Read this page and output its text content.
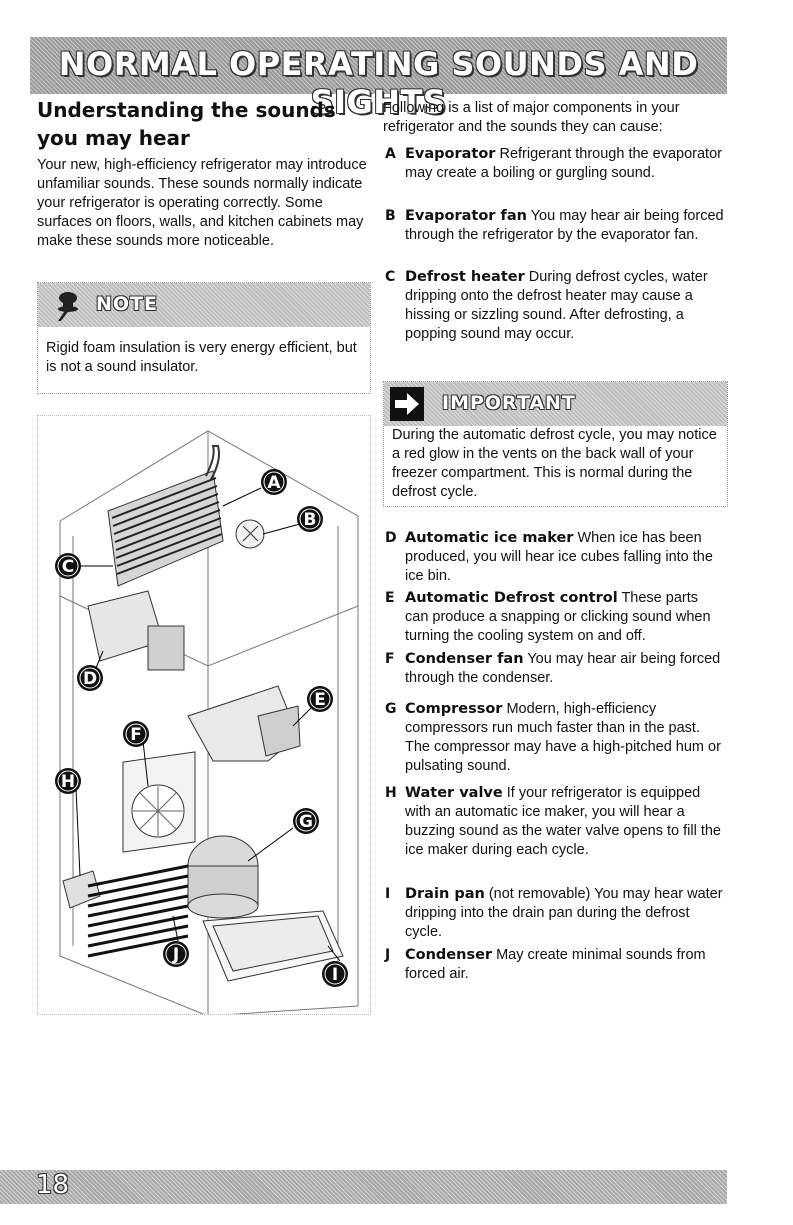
NORMAL OPERATING SOUNDS AND SIGHTS
Understanding the sounds you may hear
Your new, high-efficiency refrigerator may introduce unfamiliar sounds. These sounds normally indicate your refrigerator is operating correctly. Some surfaces on floors, walls, and kitchen cabinets may make these sounds more noticeable.
NOTE
Rigid foam insulation is very energy efficient, but is not a sound insulator.
A
B
C
D
E
F
G
H
I
J
Following is a list of major components in your refrigerator and the sounds they can cause:
A Evaporator Refrigerant through the evaporator may create a boiling or gurgling sound.
B Evaporator fan You may hear air being forced through the refrigerator by the evaporator fan.
C Defrost heater During defrost cycles, water dripping onto the defrost heater may cause a hissing or sizzling sound. After defrosting, a popping sound may occur.
IMPORTANT
During the automatic defrost cycle, you may notice a red glow in the vents on the back wall of your freezer compartment. This is normal during the defrost cycle.
D Automatic ice maker When ice has been produced, you will hear ice cubes falling into the ice bin.
E Automatic Defrost control These parts can produce a snapping or clicking sound when turning the cooling system on and off.
F Condenser fan You may hear air being forced through the condenser.
G Compressor Modern, high-efficiency compressors run much faster than in the past. The compressor may have a high-pitched hum or pulsating sound.
H Water valve If your refrigerator is equipped with an automatic ice maker, you will hear a buzzing sound as the water valve opens to fill the ice maker during each cycle.
I Drain pan (not removable) You may hear water dripping into the drain pan during the defrost cycle.
J Condenser May create minimal sounds from forced air.
18
